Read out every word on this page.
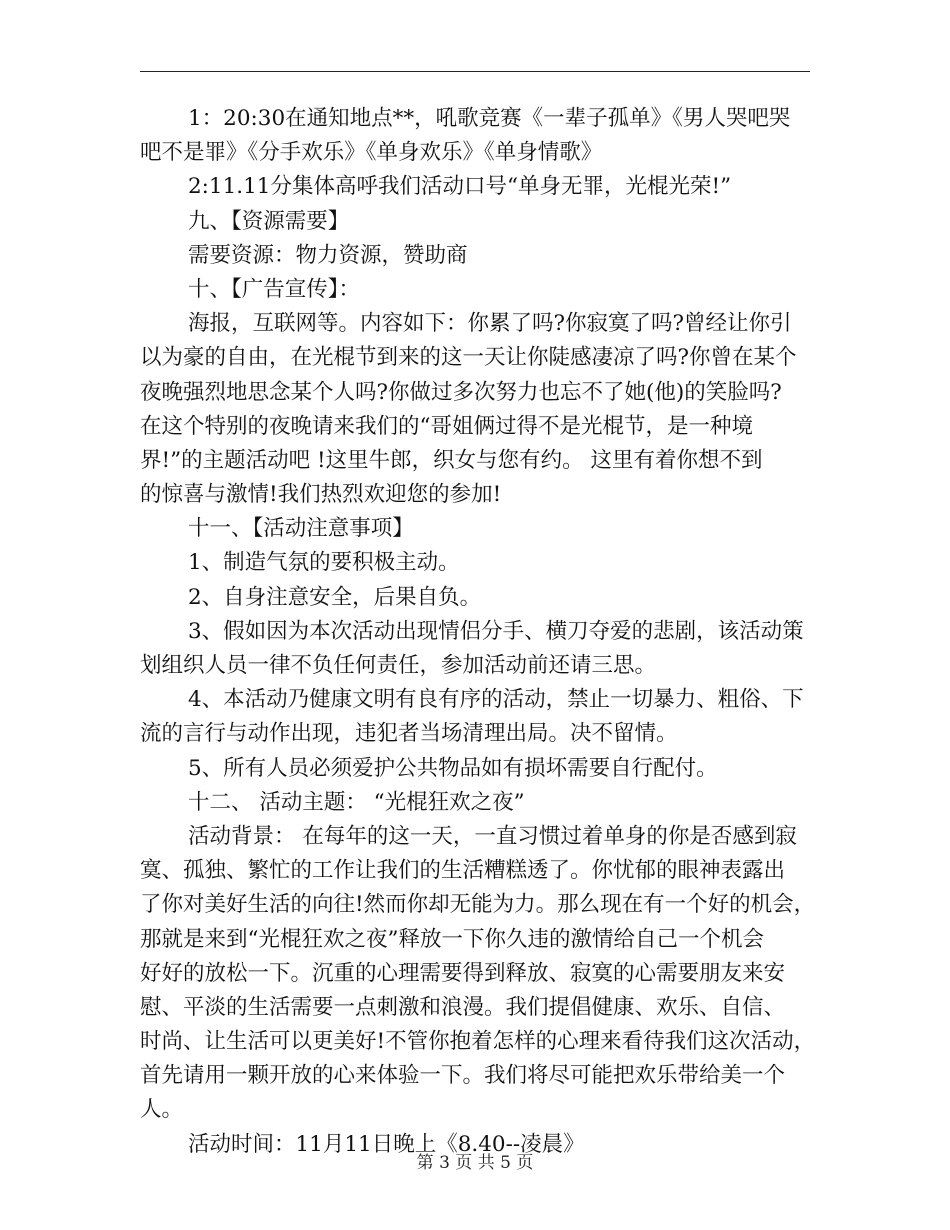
1：20:30在通知地点**，吼歌竞赛《一辈子孤单》《男人哭吧哭
吧不是罪》《分手欢乐》《单身欢乐》《单身情歌》
2:11.11分集体高呼我们活动口号“单身无罪，光棍光荣!”
九、【资源需要】
需要资源：物力资源，赞助商
十、【广告宣传】：
海报，互联网等。内容如下：你累了吗?你寂寞了吗?曾经让你引
以为豪的自由，在光棍节到来的这一天让你陡感凄凉了吗?你曾在某个
夜晚强烈地思念某个人吗?你做过多次努力也忘不了她(他)的笑脸吗?
在这个特别的夜晚请来我们的“哥姐俩过得不是光棍节，是一种境
界!”的主题活动吧 !这里牛郎，织女与您有约。 这里有着你想不到
的惊喜与激情!我们热烈欢迎您的参加!
十一、【活动注意事项】
1、制造气氛的要积极主动。
2、自身注意安全，后果自负。
3、假如因为本次活动出现情侣分手、横刀夺爱的悲剧，该活动策
划组织人员一律不负任何责任，参加活动前还请三思。
4、本活动乃健康文明有良有序的活动，禁止一切暴力、粗俗、下
流的言行与动作出现，违犯者当场清理出局。决不留情。
5、所有人员必须爱护公共物品如有损坏需要自行配付。
十二、 活动主题： “光棍狂欢之夜”
活动背景： 在每年的这一天，一直习惯过着单身的你是否感到寂
寞、孤独、繁忙的工作让我们的生活糟糕透了。你忧郁的眼神表露出
了你对美好生活的向往!然而你却无能为力。那么现在有一个好的机会，
那就是来到“光棍狂欢之夜”释放一下你久违的激情给自己一个机会
好好的放松一下。沉重的心理需要得到释放、寂寞的心需要朋友来安
慰、平淡的生活需要一点刺激和浪漫。我们提倡健康、欢乐、自信、
时尚、让生活可以更美好!不管你抱着怎样的心理来看待我们这次活动，
首先请用一颗开放的心来体验一下。我们将尽可能把欢乐带给美一个
人。
活动时间：11月11日晚上《8.40--凌晨》
第 3 页 共 5 页
